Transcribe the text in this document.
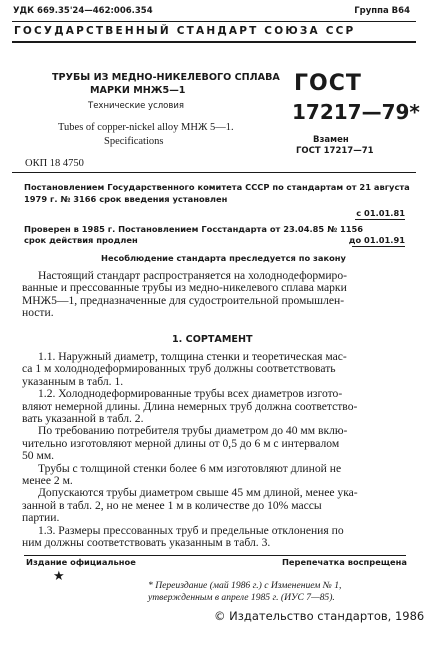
УДК 669.35'24—462:006.354	Группа В64
ГОСУДАРСТВЕННЫЙ СТАНДАРТ СОЮЗА ССР
ТРУБЫ ИЗ МЕДНО-НИКЕЛЕВОГО СПЛАВА
МАРКИ МНЖ5—1
Технические условия
Tubes of copper-nickel alloy МНЖ 5—1.
Specifications
ОКП 18 4750
ГОСТ
17217—79*
Взамен
ГОСТ 17217—71
Постановлением Государственного комитета СССР по стандартам от 21 августа
1979 г. № 3166 срок введения установлен
с 01.01.81
Проверен в 1985 г. Постановлением Госстандарта от 23.04.85 № 1156
срок действия продлен	до 01.01.91
Несоблюдение стандарта преследуется по закону
Настоящий стандарт распространяется на холоднодеформиро-
ванные и прессованные трубы из медно-никелевого сплава марки
МНЖ5—1, предназначенные для судостроительной промышлен-
ности.
1. СОРТАМЕНТ
1.1. Наружный диаметр, толщина стенки и теоретическая мас-
са 1 м холоднодеформированных труб должны соответствовать
указанным в табл. 1.
1.2. Холоднодеформированные трубы всех диаметров изгото-
вляют немерной длины. Длина немерных труб должна соответство-
вать указанной в табл. 2.
По требованию потребителя трубы диаметром до 40 мм вклю-
чительно изготовляют мерной длины от 0,5 до 6 м с интервалом
50 мм.
Трубы с толщиной стенки более 6 мм изготовляют длиной не
менее 2 м.
Допускаются трубы диаметром свыше 45 мм длиной, менее ука-
занной в табл. 2, но не менее 1 м в количестве до 10% массы
партии.
1.3. Размеры прессованных труб и предельные отклонения по
ним должны соответствовать указанным в табл. 3.
Издание официальное	Перепечатка воспрещена
★
* Переиздание (май 1986 г.) с Изменением № 1,
утвержденным в апреле 1985 г. (ИУС 7—85).
© Издательство стандартов, 1986
